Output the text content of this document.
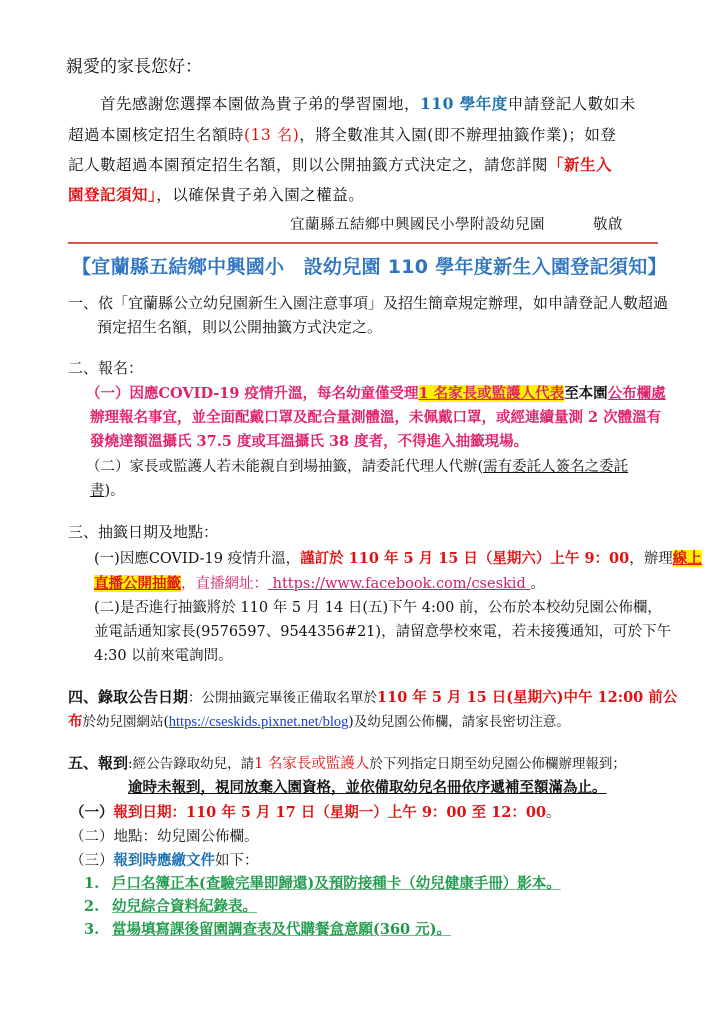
親愛的家長您好：
首先感謝您選擇本園做為貴子弟的學習園地，110 學年度申請登記人數如未
超過本園核定招生名額時(13 名)，將全數准其入園(即不辦理抽籤作業)；如登
記人數超過本園預定招生名額，則以公開抽籤方式決定之，請您詳閱「新生入
園登記須知」，以確保貴子弟入園之權益。
宜蘭縣五結鄉中興國民小學附設幼兒園	敬啟
【宜蘭縣五結鄉中興國小　設幼兒園 110 學年度新生入園登記須知】
一、依「宜蘭縣公立幼兒園新生入園注意事項」及招生簡章規定辦理，如申請登記人數超過
預定招生名額，則以公開抽籤方式決定之。
二、報名：
（一）因應COVID-19 疫情升溫，每名幼童僅受理1 名家長或監護人代表至本園公布欄處
辦理報名事宜，並全面配戴口罩及配合量測體溫，未佩戴口罩，或經連續量測 2 次體溫有
發燒達額溫攝氏 37.5 度或耳溫攝氏 38 度者，不得進入抽籤現場。
（二）家長或監護人若未能親自到場抽籤，請委託代理人代辦(需有委託人簽名之委託
書)。
三、抽籤日期及地點：
(一)因應COVID-19 疫情升溫，謹訂於 110 年 5 月 15 日（星期六）上午 9：00，辦理線上
直播公開抽籤，直播網址： https://www.facebook.com/cseskid 。
(二)是否進行抽籤將於 110 年 5 月 14 日(五)下午 4:00 前，公布於本校幼兒園公佈欄，
並電話通知家長(9576597、9544356#21)，請留意學校來電，若未接獲通知，可於下午
4:30 以前來電詢問。
四、錄取公告日期：公開抽籤完畢後正備取名單於110 年 5 月 15 日(星期六)中午 12:00 前公
布於幼兒園網站(https://cseskids.pixnet.net/blog)及幼兒園公佈欄，請家長密切注意。
五、報到:經公告錄取幼兒，請1 名家長或監護人於下列指定日期至幼兒園公佈欄辦理報到；
逾時未報到，視同放棄入園資格，並依備取幼兒名冊依序遞補至額滿為止。
（一）報到日期：110 年 5 月 17 日（星期一）上午 9：00 至 12：00。
（二）地點：幼兒園公佈欄。
（三）報到時應繳文件如下：
1. 戶口名簿正本(查驗完畢即歸還)及預防接種卡（幼兒健康手冊）影本。
2. 幼兒綜合資料紀錄表。
3. 當場填寫課後留園調查表及代購餐盒意願(360 元)。
